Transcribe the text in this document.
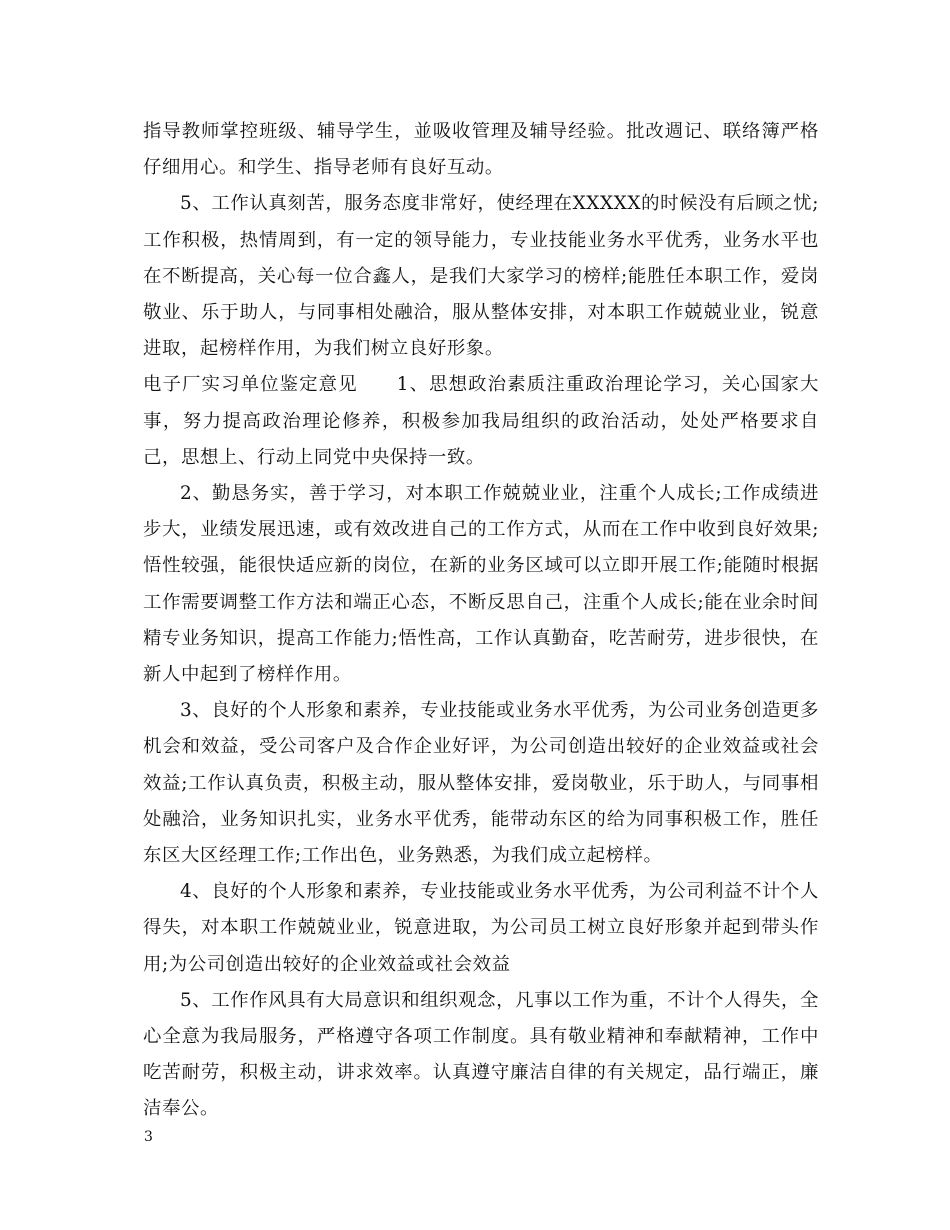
指导教师掌控班级、辅导学生，並吸收管理及辅导经验。批改週记、联络簿严格仔细用心。和学生、指导老师有良好互动。

5、工作认真刻苦，服务态度非常好，使经理在XXXXX的时候没有后顾之忧;工作积极，热情周到，有一定的领导能力，专业技能业务水平优秀，业务水平也在不断提高，关心每一位合鑫人，是我们大家学习的榜样;能胜任本职工作，爱岗敬业、乐于助人，与同事相处融洽，服从整体安排，对本职工作兢兢业业，锐意进取，起榜样作用，为我们树立良好形象。

电子厂实习单位鉴定意见　　1、思想政治素质注重政治理论学习，关心国家大事，努力提高政治理论修养，积极参加我局组织的政治活动，处处严格要求自己，思想上、行动上同党中央保持一致。

2、勤恳务实，善于学习，对本职工作兢兢业业，注重个人成长;工作成绩进步大，业绩发展迅速，或有效改进自己的工作方式，从而在工作中收到良好效果;悟性较强，能很快适应新的岗位，在新的业务区域可以立即开展工作;能随时根据工作需要调整工作方法和端正心态，不断反思自己，注重个人成长;能在业余时间精专业务知识，提高工作能力;悟性高，工作认真勤奋，吃苦耐劳，进步很快，在新人中起到了榜样作用。

3、良好的个人形象和素养，专业技能或业务水平优秀，为公司业务创造更多机会和效益，受公司客户及合作企业好评，为公司创造出较好的企业效益或社会效益;工作认真负责，积极主动，服从整体安排，爱岗敬业，乐于助人，与同事相处融洽，业务知识扎实，业务水平优秀，能带动东区的给为同事积极工作，胜任东区大区经理工作;工作出色，业务熟悉，为我们成立起榜样。

4、良好的个人形象和素养，专业技能或业务水平优秀，为公司利益不计个人得失，对本职工作兢兢业业，锐意进取，为公司员工树立良好形象并起到带头作用;为公司创造出较好的企业效益或社会效益

5、工作作风具有大局意识和组织观念，凡事以工作为重，不计个人得失，全心全意为我局服务，严格遵守各项工作制度。具有敬业精神和奉献精神，工作中吃苦耐劳，积极主动，讲求效率。认真遵守廉洁自律的有关规定，品行端正，廉洁奉公。

3
